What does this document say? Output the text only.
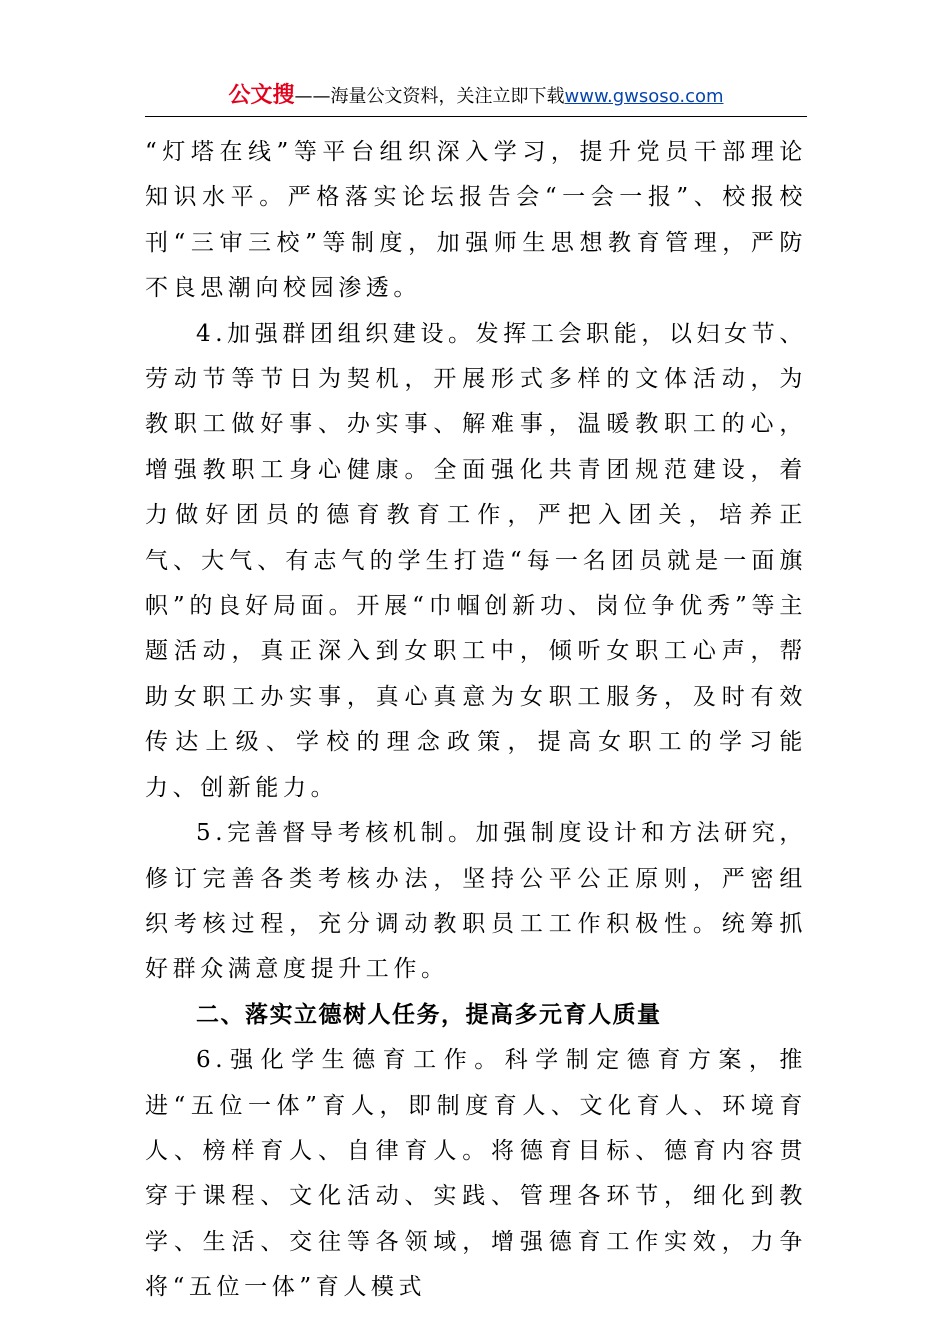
公文搜——海量公文资料，关注立即下载www.gwsoso.com

“灯塔在线”等平台组织深入学习，提升党员干部理论知识水平。严格落实论坛报告会“一会一报”、校报校刊“三审三校”等制度，加强师生思想教育管理，严防不良思潮向校园渗透。

4.加强群团组织建设。发挥工会职能，以妇女节、劳动节等节日为契机，开展形式多样的文体活动，为教职工做好事、办实事、解难事，温暖教职工的心，增强教职工身心健康。全面强化共青团规范建设，着力做好团员的德育教育工作，严把入团关，培养正气、大气、有志气的学生打造“每一名团员就是一面旗帜”的良好局面。开展“巾帼创新功、岗位争优秀”等主题活动，真正深入到女职工中，倾听女职工心声，帮助女职工办实事，真心真意为女职工服务，及时有效传达上级、学校的理念政策，提高女职工的学习能力、创新能力。

5.完善督导考核机制。加强制度设计和方法研究，修订完善各类考核办法，坚持公平公正原则，严密组织考核过程，充分调动教职员工工作积极性。统筹抓好群众满意度提升工作。

二、落实立德树人任务，提高多元育人质量

6.强化学生德育工作。科学制定德育方案，推进“五位一体”育人，即制度育人、文化育人、环境育人、榜样育人、自律育人。将德育目标、德育内容贯穿于课程、文化活动、实践、管理各环节，细化到教学、生活、交往等各领域，增强德育工作实效，力争将“五位一体”育人模式
